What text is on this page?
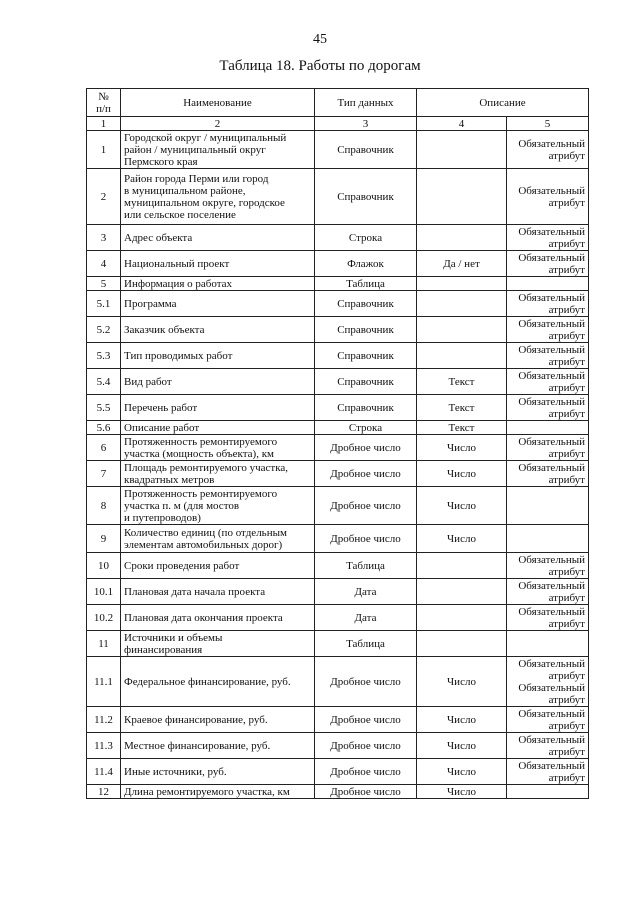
45
Таблица 18. Работы по дорогам
№
п/п	Наименование	Тип данных	Описание	
1	2	3	4	5
1	Городской округ / муниципальный
район / муниципальный округ
Пермского края	Справочник		Обязательный
атрибут
2	Район города Перми или город
в муниципальном районе,
муниципальном округе, городское
или сельское поселение	Справочник		Обязательный
атрибут
3	Адрес объекта	Строка		Обязательный
атрибут
4	Национальный проект	Флажок	Да / нет	Обязательный
атрибут
5	Информация о работах	Таблица		
5.1	Программа	Справочник		Обязательный
атрибут
5.2	Заказчик объекта	Справочник		Обязательный
атрибут
5.3	Тип проводимых работ	Справочник		Обязательный
атрибут
5.4	Вид работ	Справочник	Текст	Обязательный
атрибут
5.5	Перечень работ	Справочник	Текст	Обязательный
атрибут
5.6	Описание работ	Строка	Текст	
6	Протяженность ремонтируемого
участка (мощность объекта), км	Дробное число	Число	Обязательный
атрибут
7	Площадь ремонтируемого участка,
квадратных метров	Дробное число	Число	Обязательный
атрибут
8	Протяженность ремонтируемого
участка п. м (для мостов
и путепроводов)	Дробное число	Число	
9	Количество единиц (по отдельным
элементам автомобильных дорог)	Дробное число	Число	
10	Сроки проведения работ	Таблица		Обязательный
атрибут
10.1	Плановая дата начала проекта	Дата		Обязательный
атрибут
10.2	Плановая дата окончания проекта	Дата		Обязательный
атрибут
11	Источники и объемы
финансирования	Таблица		
11.1	Федеральное финансирование, руб.	Дробное число	Число	Обязательный
атрибут
Обязательный
атрибут
11.2	Краевое финансирование, руб.	Дробное число	Число	Обязательный
атрибут
11.3	Местное финансирование, руб.	Дробное число	Число	Обязательный
атрибут
11.4	Иные источники, руб.	Дробное число	Число	Обязательный
атрибут
12	Длина ремонтируемого участка, км	Дробное число	Число	
